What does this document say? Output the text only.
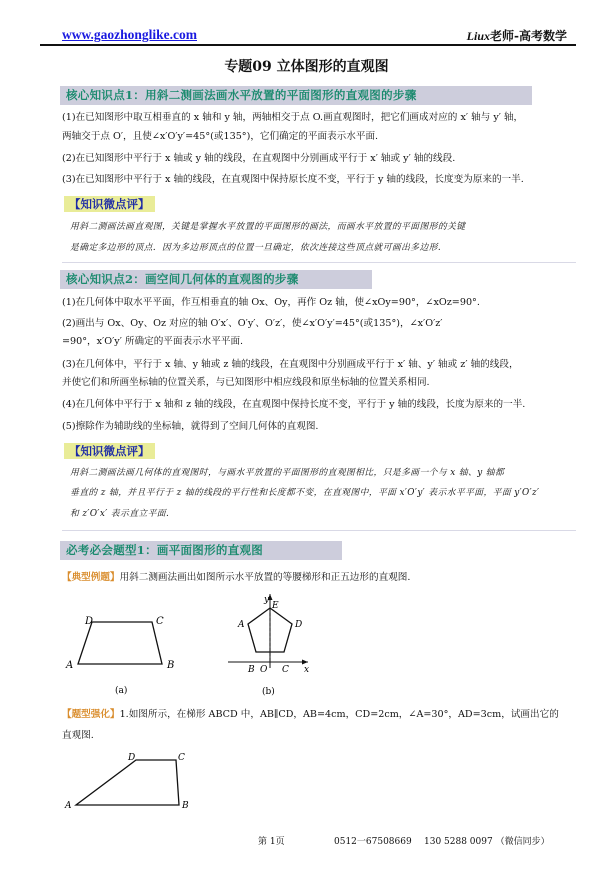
www.gaozhonglike.com	Liux老师-高考数学
专题09 立体图形的直观图
核心知识点1：用斜二测画法画水平放置的平面图形的直观图的步骤
(1)在已知图形中取互相垂直的 x 轴和 y 轴，两轴相交于点 O.画直观图时，把它们画成对应的 x′ 轴与 y′ 轴，
两轴交于点 O′，且使∠x′O′y′=45°(或135°)，它们确定的平面表示水平面.
(2)在已知图形中平行于 x 轴或 y 轴的线段，在直观图中分别画成平行于 x′ 轴或 y′ 轴的线段.
(3)在已知图形中平行于 x 轴的线段，在直观图中保持原长度不变，平行于 y 轴的线段，长度变为原来的一半.
【知识微点评】
用斜二测画法画直观图，关键是掌握水平放置的平面图形的画法，而画水平放置的平面图形的关键
是确定多边形的顶点．因为多边形顶点的位置一旦确定，依次连接这些顶点就可画出多边形.
核心知识点2：画空间几何体的直观图的步骤
(1)在几何体中取水平平面，作互相垂直的轴 Ox、Oy，再作 Oz 轴，使∠xOy=90°，∠xOz=90°.
(2)画出与 Ox、Oy、Oz 对应的轴 O′x′、O′y′、O′z′，使∠x′O′y′=45°(或135°)，∠x′O′z′
=90°，x′O′y′ 所确定的平面表示水平平面.
(3)在几何体中，平行于 x 轴、y 轴或 z 轴的线段，在直观图中分别画成平行于 x′ 轴、y′ 轴或 z′ 轴的线段，
并使它们和所画坐标轴的位置关系，与已知图形中相应线段和原坐标轴的位置关系相同.
(4)在几何体中平行于 x 轴和 z 轴的线段，在直观图中保持长度不变，平行于 y 轴的线段，长度为原来的一半.
(5)擦除作为辅助线的坐标轴，就得到了空间几何体的直观图.
【知识微点评】
用斜二测画法画几何体的直观图时，与画水平放置的平面图形的直观图相比，只是多画一个与 x 轴、y 轴都
垂直的 z 轴，并且平行于 z 轴的线段的平行性和长度都不变，在直观图中，平面 x′O′y′ 表示水平平面，平面 y′O′z′
和 z′O′x′ 表示直立平面.
必考必会题型1：画平面图形的直观图
【典型例题】用斜二测画法画出如图所示水平放置的等腰梯形和正五边形的直观图.
A	B
C
D
(a)
y
E
D
A
B O C x
(b)
【题型强化】1.如图所示，在梯形 ABCD 中，AB∥CD，AB=4cm，CD=2cm，∠A=30°，AD=3cm，试画出它的
直观图.
A	B
C
D
第 1页	0512一67508669 130 5288 0097 （微信同步）
